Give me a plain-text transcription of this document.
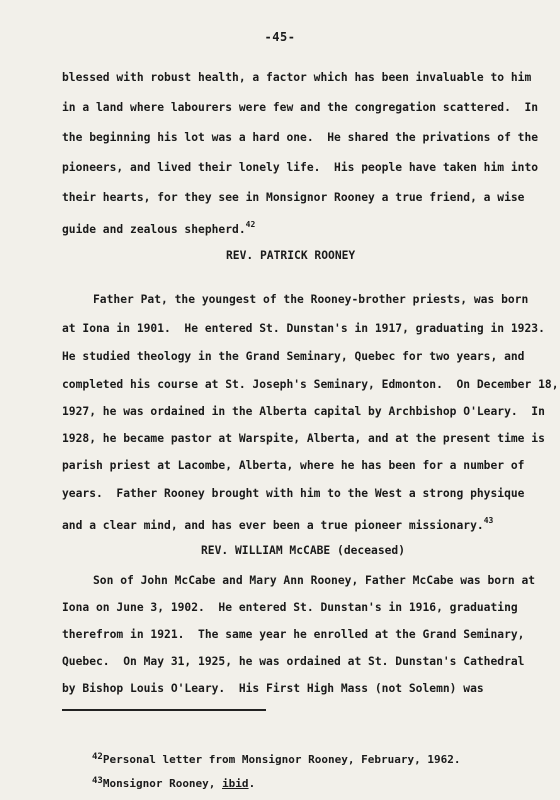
-45-
blessed with robust health, a factor which has been invaluable to him
in a land where labourers were few and the congregation scattered.  In
the beginning his lot was a hard one.  He shared the privations of the
pioneers, and lived their lonely life.  His people have taken him into
their hearts, for they see in Monsignor Rooney a true friend, a wise
guide and zealous shepherd.$^{42}$
REV. PATRICK ROONEY
Father Pat, the youngest of the Rooney-brother priests, was born
at Iona in 1901.  He entered St. Dunstan's in 1917, graduating in 1923.
He studied theology in the Grand Seminary, Quebec for two years, and
completed his course at St. Joseph's Seminary, Edmonton.  On December 18,
1927, he was ordained in the Alberta capital by Archbishop O'Leary.  In
1928, he became pastor at Warspite, Alberta, and at the present time is
parish priest at Lacombe, Alberta, where he has been for a number of
years.  Father Rooney brought with him to the West a strong physique
and a clear mind, and has ever been a true pioneer missionary.$^{43}$
REV. WILLIAM McCABE (deceased)
Son of John McCabe and Mary Ann Rooney, Father McCabe was born at
Iona on June 3, 1902.  He entered St. Dunstan's in 1916, graduating
therefrom in 1921.  The same year he enrolled at the Grand Seminary,
Quebec.  On May 31, 1925, he was ordained at St. Dunstan's Cathedral
by Bishop Louis O'Leary.  His First High Mass (not Solemn) was
$^{42}$Personal letter from Monsignor Rooney, February, 1962.
$^{43}$Monsignor Rooney, ibid.
